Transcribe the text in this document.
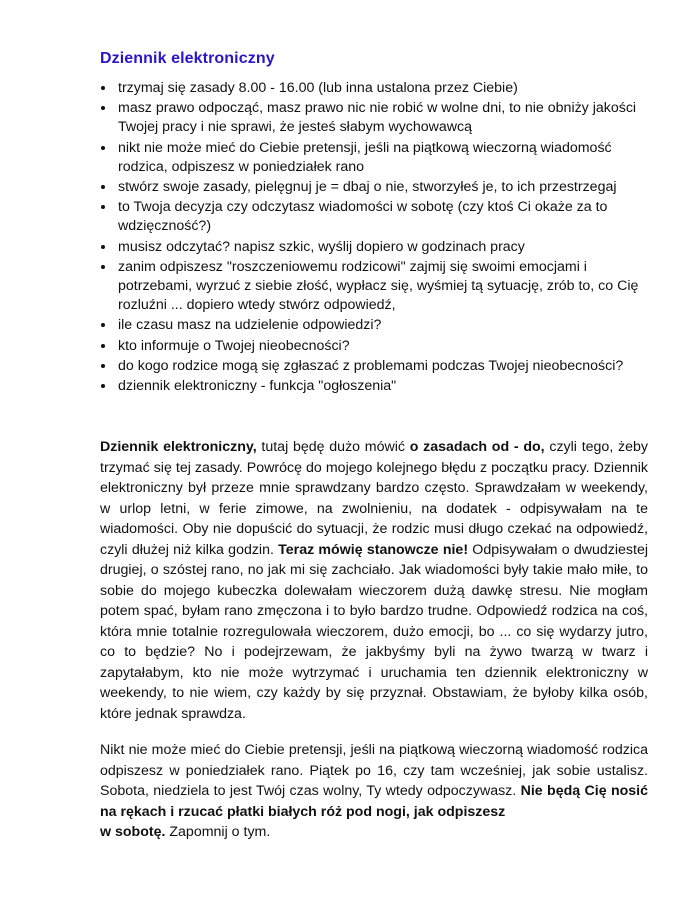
Dziennik elektroniczny
• trzymaj się zasady 8.00 - 16.00 (lub inna ustalona przez Ciebie)
• masz prawo odpocząć, masz prawo nic nie robić w wolne dni, to nie obniży jakości Twojej pracy i nie sprawi, że jesteś słabym wychowawcą
• nikt nie może mieć do Ciebie pretensji, jeśli na piątkową wieczorną wiadomość rodzica, odpiszesz w poniedziałek rano
• stwórz swoje zasady, pielęgnuj je = dbaj o nie, stworzyłeś je, to ich przestrzegaj
• to Twoja decyzja czy odczytasz wiadomości w sobotę (czy ktoś Ci okaże za to wdzięczność?)
• musisz odczytać? napisz szkic, wyślij dopiero w godzinach pracy
• zanim odpiszesz "roszczeniowemu rodzicowi" zajmij się swoimi emocjami i potrzebami, wyrzuć z siebie złość, wypłacz się, wyśmiej tą sytuację, zrób to, co Cię rozluźni ... dopiero wtedy stwórz odpowiedź,
• ile czasu masz na udzielenie odpowiedzi?
• kto informuje o Twojej nieobecności?
• do kogo rodzice mogą się zgłaszać z problemami podczas Twojej nieobecności?
• dziennik elektroniczny - funkcja "ogłoszenia"

Dziennik elektroniczny, tutaj będę dużo mówić o zasadach od - do, czyli tego, żeby trzymać się tej zasady. Powrócę do mojego kolejnego błędu z początku pracy. Dziennik elektroniczny był przeze mnie sprawdzany bardzo często. Sprawdzałam w weekendy, w urlop letni, w ferie zimowe, na zwolnieniu, na dodatek - odpisywałam na te wiadomości. Oby nie dopuścić do sytuacji, że rodzic musi długo czekać na odpowiedź, czyli dłużej niż kilka godzin. Teraz mówię stanowcze nie! Odpisywałam o dwudziestej drugiej, o szóstej rano, no jak mi się zachciało. Jak wiadomości były takie mało miłe, to sobie do mojego kubeczka dolewałam wieczorem dużą dawkę stresu. Nie mogłam potem spać, byłam rano zmęczona i to było bardzo trudne. Odpowiedź rodzica na coś, która mnie totalnie rozregulowała wieczorem, dużo emocji, bo ... co się wydarzy jutro, co to będzie? No i podejrzewam, że jakbyśmy byli na żywo twarzą w twarz i zapytałabym, kto nie może wytrzymać i uruchamia ten dziennik elektroniczny w weekendy, to nie wiem, czy każdy by się przyznał. Obstawiam, że byłoby kilka osób, które jednak sprawdza.

Nikt nie może mieć do Ciebie pretensji, jeśli na piątkową wieczorną wiadomość rodzica odpiszesz w poniedziałek rano. Piątek po 16, czy tam wcześniej, jak sobie ustalisz. Sobota, niedziela to jest Twój czas wolny, Ty wtedy odpoczywasz. Nie będą Cię nosić na rękach i rzucać płatki białych róż pod nogi, jak odpiszesz
w sobotę. Zapomnij o tym.
